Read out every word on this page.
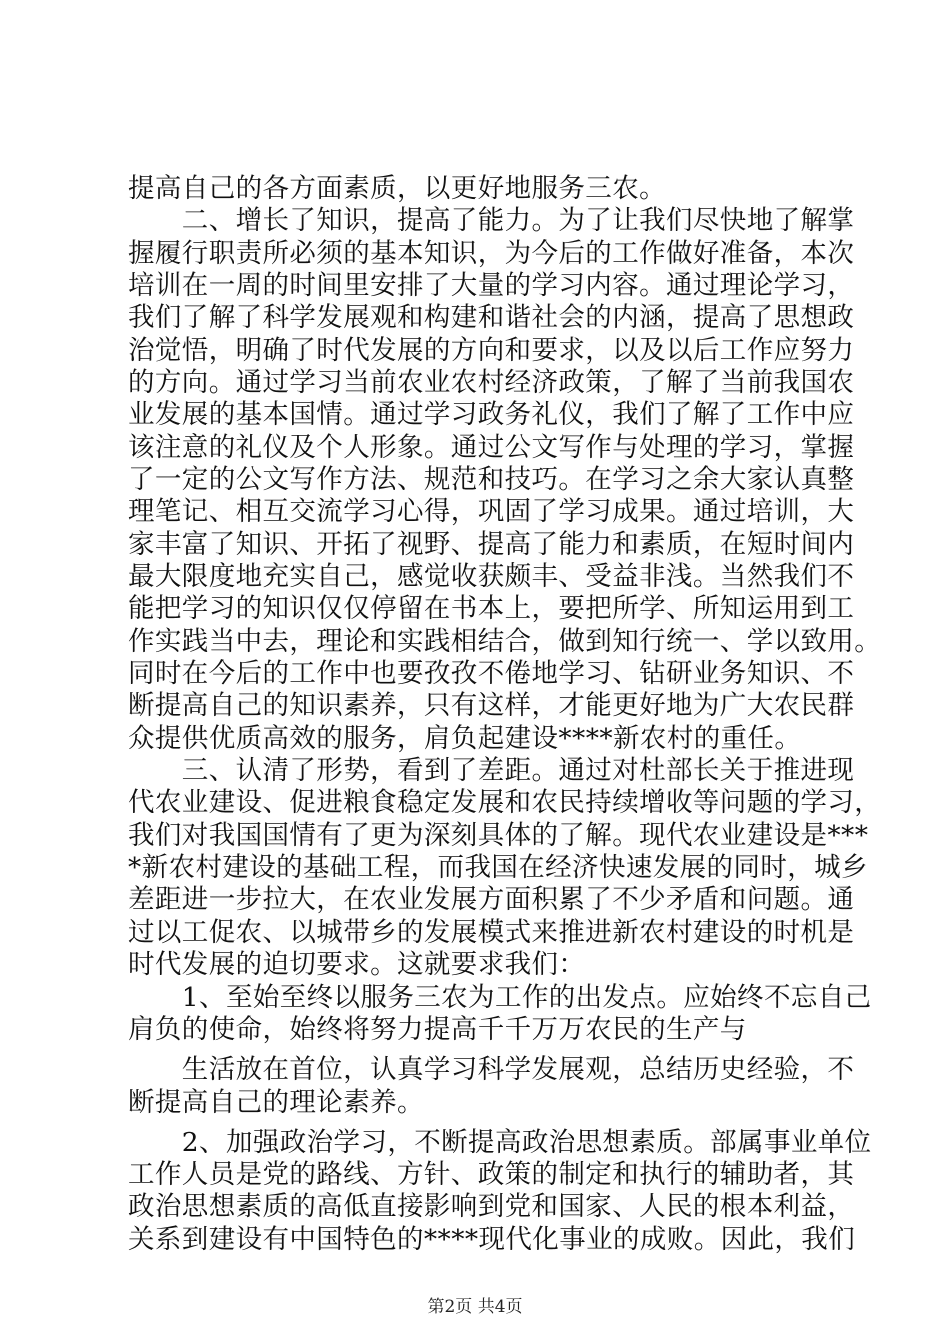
提高自己的各方面素质，以更好地服务三农。
　　二、增长了知识，提高了能力。为了让我们尽快地了解掌
握履行职责所必须的基本知识，为今后的工作做好准备，本次
培训在一周的时间里安排了大量的学习内容。通过理论学习，
我们了解了科学发展观和构建和谐社会的内涵，提高了思想政
治觉悟，明确了时代发展的方向和要求，以及以后工作应努力
的方向。通过学习当前农业农村经济政策，了解了当前我国农
业发展的基本国情。通过学习政务礼仪，我们了解了工作中应
该注意的礼仪及个人形象。通过公文写作与处理的学习，掌握
了一定的公文写作方法、规范和技巧。在学习之余大家认真整
理笔记、相互交流学习心得，巩固了学习成果。通过培训，大
家丰富了知识、开拓了视野、提高了能力和素质，在短时间内
最大限度地充实自己，感觉收获颇丰、受益非浅。当然我们不
能把学习的知识仅仅停留在书本上，要把所学、所知运用到工
作实践当中去，理论和实践相结合，做到知行统一、学以致用。
同时在今后的工作中也要孜孜不倦地学习、钻研业务知识、不
断提高自己的知识素养，只有这样，才能更好地为广大农民群
众提供优质高效的服务，肩负起建设****新农村的重任。
　　三、认清了形势，看到了差距。通过对杜部长关于推进现
代农业建设、促进粮食稳定发展和农民持续增收等问题的学习，
我们对我国国情有了更为深刻具体的了解。现代农业建设是***
*新农村建设的基础工程，而我国在经济快速发展的同时，城乡
差距进一步拉大，在农业发展方面积累了不少矛盾和问题。通
过以工促农、以城带乡的发展模式来推进新农村建设的时机是
时代发展的迫切要求。这就要求我们：
　　1、至始至终以服务三农为工作的出发点。应始终不忘自己
肩负的使命，始终将努力提高千千万万农民的生产与
　　生活放在首位，认真学习科学发展观，总结历史经验，不
断提高自己的理论素养。
　　2、加强政治学习，不断提高政治思想素质。部属事业单位
工作人员是党的路线、方针、政策的制定和执行的辅助者，其
政治思想素质的高低直接影响到党和国家、人民的根本利益，
关系到建设有中国特色的****现代化事业的成败。因此，我们
第2页 共4页
